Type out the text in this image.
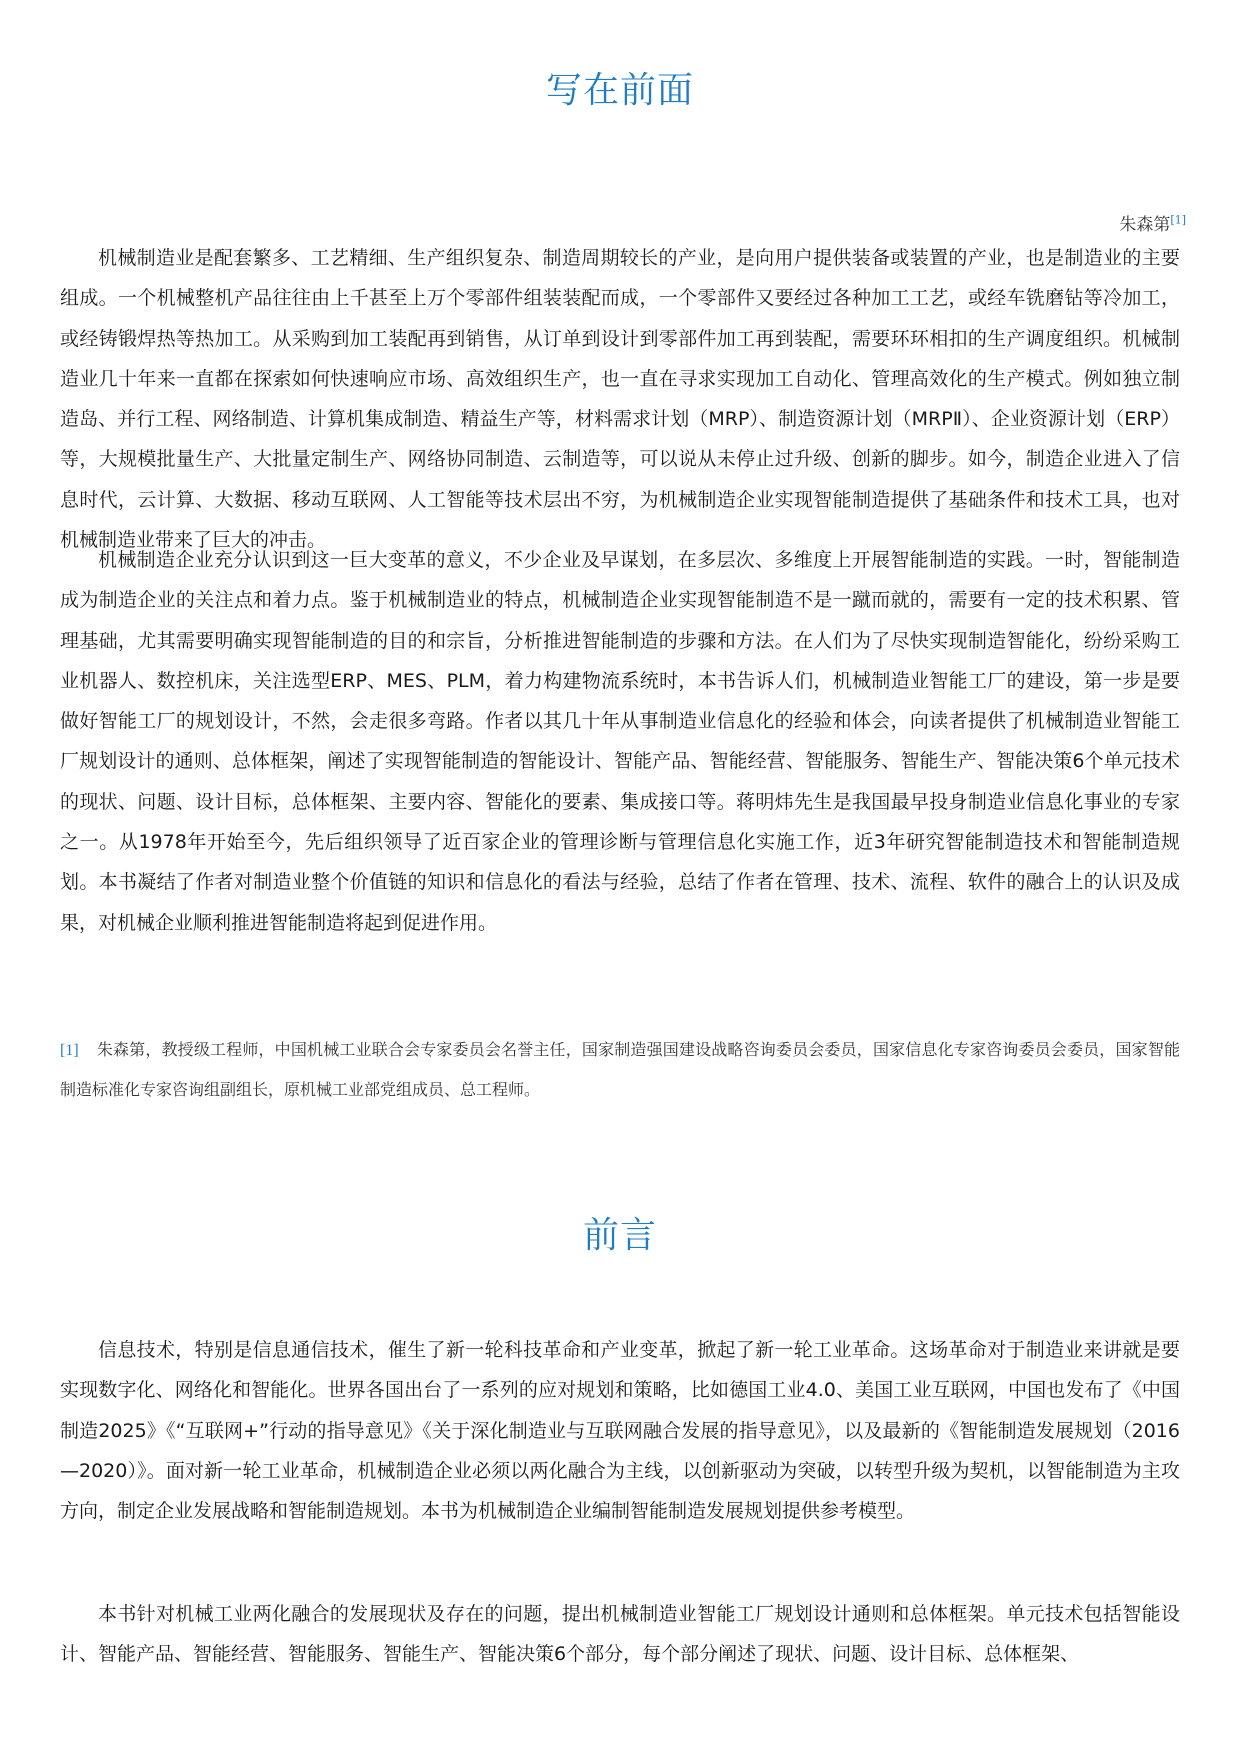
写在前面
朱森第[1]

机械制造业是配套繁多、工艺精细、生产组织复杂、制造周期较长的产业，是向用户提供装备或装置的产业，也是制造业的主要组成。一个机械整机产品往往由上千甚至上万个零部件组装装配而成，一个零部件又要经过各种加工工艺，或经车铣磨钻等冷加工，或经铸锻焊热等热加工。从采购到加工装配再到销售，从订单到设计到零部件加工再到装配，需要环环相扣的生产调度组织。机械制造业几十年来一直都在探索如何快速响应市场、高效组织生产，也一直在寻求实现加工自动化、管理高效化的生产模式。例如独立制造岛、并行工程、网络制造、计算机集成制造、精益生产等，材料需求计划（MRP）、制造资源计划（MRPⅡ）、企业资源计划（ERP）等，大规模批量生产、大批量定制生产、网络协同制造、云制造等，可以说从未停止过升级、创新的脚步。如今，制造企业进入了信息时代，云计算、大数据、移动互联网、人工智能等技术层出不穷，为机械制造企业实现智能制造提供了基础条件和技术工具，也对机械制造业带来了巨大的冲击。

机械制造企业充分认识到这一巨大变革的意义，不少企业及早谋划，在多层次、多维度上开展智能制造的实践。一时，智能制造成为制造企业的关注点和着力点。鉴于机械制造业的特点，机械制造企业实现智能制造不是一蹴而就的，需要有一定的技术积累、管理基础，尤其需要明确实现智能制造的目的和宗旨，分析推进智能制造的步骤和方法。在人们为了尽快实现制造智能化，纷纷采购工业机器人、数控机床，关注选型ERP、MES、PLM，着力构建物流系统时，本书告诉人们，机械制造业智能工厂的建设，第一步是要做好智能工厂的规划设计，不然，会走很多弯路。作者以其几十年从事制造业信息化的经验和体会，向读者提供了机械制造业智能工厂规划设计的通则、总体框架，阐述了实现智能制造的智能设计、智能产品、智能经营、智能服务、智能生产、智能决策6个单元技术的现状、问题、设计目标，总体框架、主要内容、智能化的要素、集成接口等。蒋明炜先生是我国最早投身制造业信息化事业的专家之一。从1978年开始至今，先后组织领导了近百家企业的管理诊断与管理信息化实施工作，近3年研究智能制造技术和智能制造规划。本书凝结了作者对制造业整个价值链的知识和信息化的看法与经验，总结了作者在管理、技术、流程、软件的融合上的认识及成果，对机械企业顺利推进智能制造将起到促进作用。

[1] 朱森第，教授级工程师，中国机械工业联合会专家委员会名誉主任，国家制造强国建设战略咨询委员会委员，国家信息化专家咨询委员会委员，国家智能制造标准化专家咨询组副组长，原机械工业部党组成员、总工程师。

前言

信息技术，特别是信息通信技术，催生了新一轮科技革命和产业变革，掀起了新一轮工业革命。这场革命对于制造业来讲就是要实现数字化、网络化和智能化。世界各国出台了一系列的应对规划和策略，比如德国工业4.0、美国工业互联网，中国也发布了《中国制造2025》《“互联网+”行动的指导意见》《关于深化制造业与互联网融合发展的指导意见》，以及最新的《智能制造发展规划（2016—2020）》。面对新一轮工业革命，机械制造企业必须以两化融合为主线，以创新驱动为突破，以转型升级为契机，以智能制造为主攻方向，制定企业发展战略和智能制造规划。本书为机械制造企业编制智能制造发展规划提供参考模型。

本书针对机械工业两化融合的发展现状及存在的问题，提出机械制造业智能工厂规划设计通则和总体框架。单元技术包括智能设计、智能产品、智能经营、智能服务、智能生产、智能决策6个部分，每个部分阐述了现状、问题、设计目标、总体框架、
